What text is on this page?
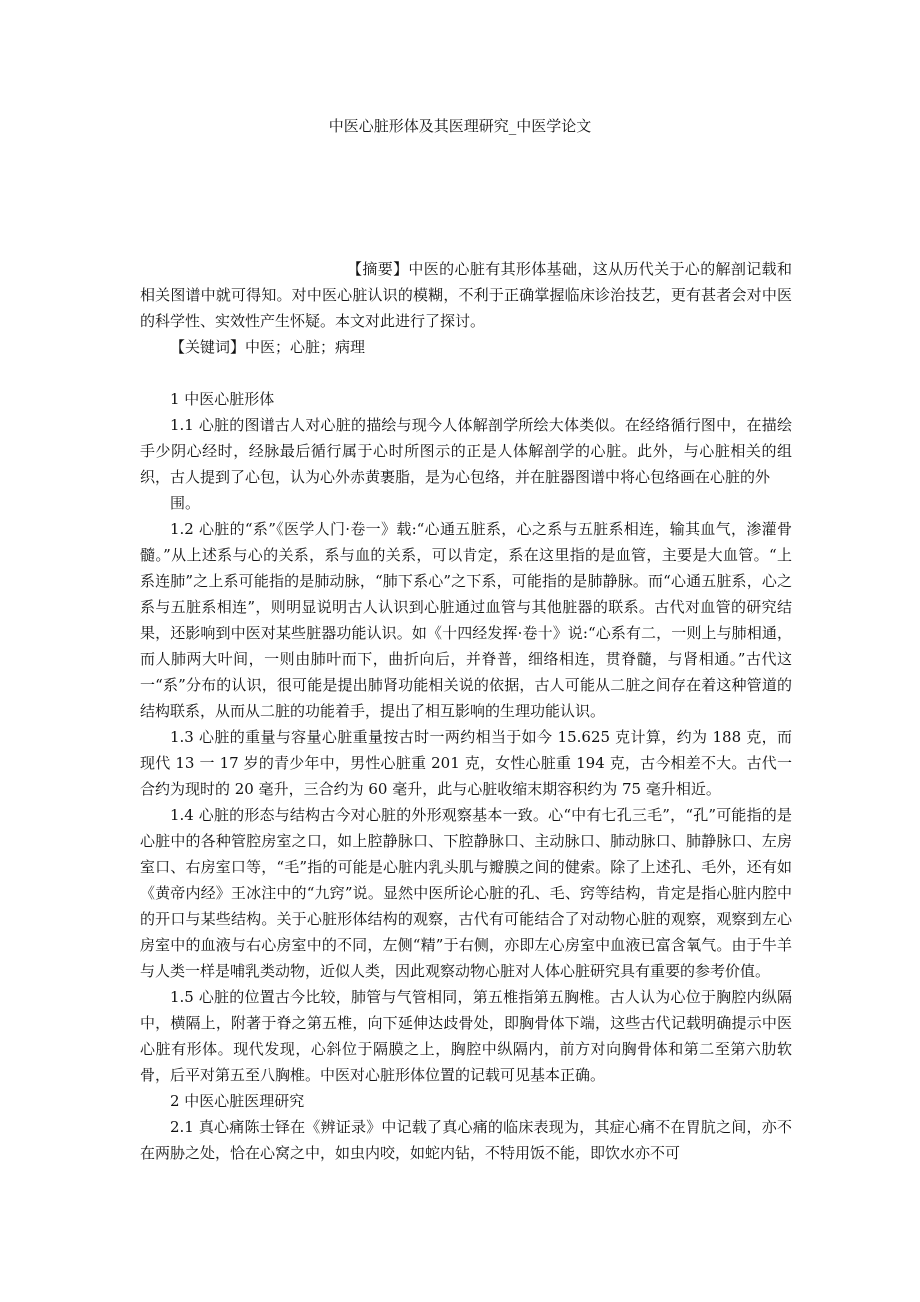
中医心脏形体及其医理研究_中医学论文

【摘要】中医的心脏有其形体基础，这从历代关于心的解剖记载和相关图谱中就可得知。对中医心脏认识的模糊，不利于正确掌握临床诊治技艺，更有甚者会对中医的科学性、实效性产生怀疑。本文对此进行了探讨。

【关键词】中医；心脏；病理

1 中医心脏形体

1.1 心脏的图谱古人对心脏的描绘与现今人体解剖学所绘大体类似。在经络循行图中，在描绘手少阴心经时，经脉最后循行属于心时所图示的正是人体解剖学的心脏。此外，与心脏相关的组织，古人提到了心包，认为心外赤黄裹脂，是为心包络，并在脏器图谱中将心包络画在心脏的外

围。

1.2 心脏的“系”《医学人门·卷一》载:“心通五脏系，心之系与五脏系相连，输其血气，渗灌骨髓。”从上述系与心的关系，系与血的关系，可以肯定，系在这里指的是血管，主要是大血管。“上系连肺”之上系可能指的是肺动脉，“肺下系心”之下系，可能指的是肺静脉。而“心通五脏系，心之系与五脏系相连”，则明显说明古人认识到心脏通过血管与其他脏器的联系。古代对血管的研究结果，还影响到中医对某些脏器功能认识。如《十四经发挥·卷十》说:“心系有二，一则上与肺相通，而人肺两大叶间，一则由肺叶而下，曲折向后，并脊普，细络相连，贯脊髓，与肾相通。”古代这一“系”分布的认识，很可能是提出肺肾功能相关说的依据，古人可能从二脏之间存在着这种管道的结构联系，从而从二脏的功能着手，提出了相互影响的生理功能认识。

1.3 心脏的重量与容量心脏重量按古时一两约相当于如今 15.625 克计算，约为 188 克，而现代 13 一 17 岁的青少年中，男性心脏重 201 克，女性心脏重 194 克，古今相差不大。古代一合约为现时的 20 毫升，三合约为 60 毫升，此与心脏收缩末期容积约为 75 毫升相近。

1.4 心脏的形态与结构古今对心脏的外形观察基本一致。心“中有七孔三毛”，“孔”可能指的是心脏中的各种管腔房室之口，如上腔静脉口、下腔静脉口、主动脉口、肺动脉口、肺静脉口、左房室口、右房室口等，“毛”指的可能是心脏内乳头肌与瓣膜之间的健索。除了上述孔、毛外，还有如《黄帝内经》王冰注中的“九窍”说。显然中医所论心脏的孔、毛、窍等结构，肯定是指心脏内腔中的开口与某些结构。关于心脏形体结构的观察，古代有可能结合了对动物心脏的观察，观察到左心房室中的血液与右心房室中的不同，左侧“精”于右侧，亦即左心房室中血液已富含氧气。由于牛羊与人类一样是哺乳类动物，近似人类，因此观察动物心脏对人体心脏研究具有重要的参考价值。

1.5 心脏的位置古今比较，肺管与气管相同，第五椎指第五胸椎。古人认为心位于胸腔内纵隔中，横隔上，附著于脊之第五椎，向下延伸达歧骨处，即胸骨体下端，这些古代记载明确提示中医心脏有形体。现代发现，心斜位于隔膜之上，胸腔中纵隔内，前方对向胸骨体和第二至第六肋软骨，后平对第五至八胸椎。中医对心脏形体位置的记载可见基本正确。

2 中医心脏医理研究

2.1 真心痛陈士铎在《辨证录》中记载了真心痛的临床表现为，其症心痛不在胃肮之间，亦不在两胁之处，恰在心窝之中，如虫内咬，如蛇内钻，不特用饭不能，即饮水亦不可
